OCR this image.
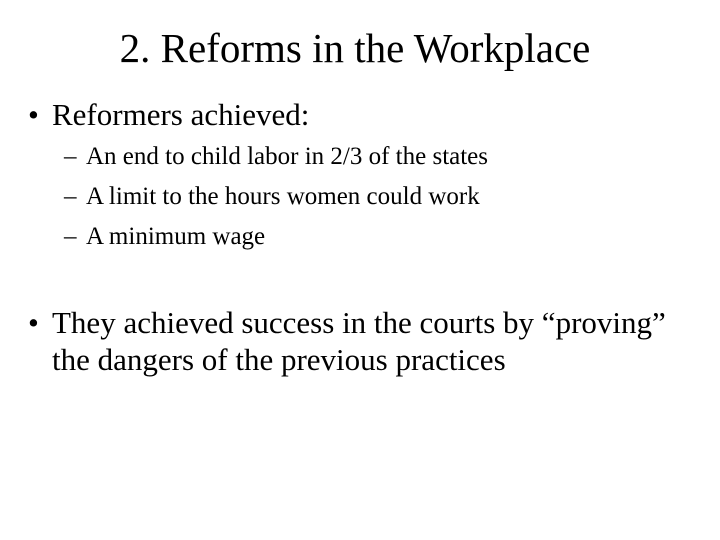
2. Reforms in the Workplace
• Reformers achieved:
– An end to child labor in 2/3 of the states
– A limit to the hours women could work
– A minimum wage
• They achieved success in the courts by “proving” the dangers of the previous practices
